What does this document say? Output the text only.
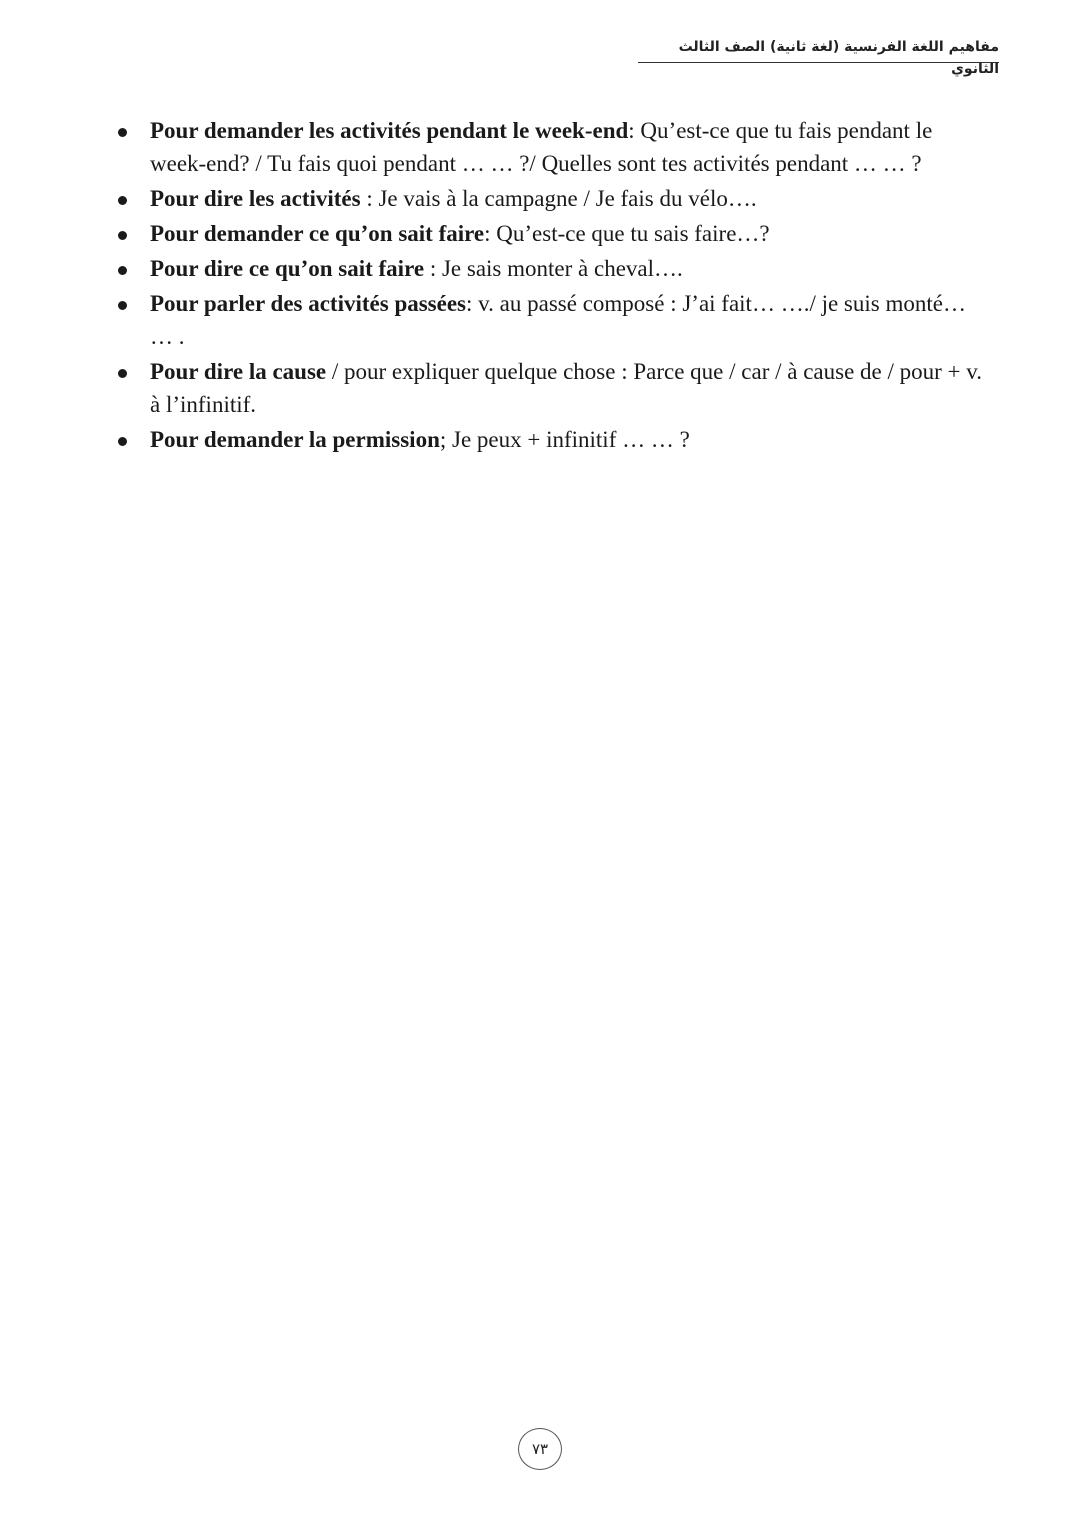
مفاهيم اللغة الفرنسية (لغة ثانية) الصف الثالث الثانوي
Pour demander les activités pendant le week-end: Qu’est-ce que tu fais pendant le week-end? / Tu fais quoi pendant … … ?/ Quelles sont tes activités pendant … … ?
Pour dire les activités : Je vais à la campagne / Je fais du vélo….
Pour demander ce qu’on sait faire: Qu’est-ce que tu sais faire…?
Pour dire ce qu’on sait faire : Je sais monter à cheval….
Pour parler des activités passées: v. au passé composé : J’ai fait… …./ je suis monté… … .
Pour dire la cause / pour expliquer quelque chose : Parce que / car / à cause de / pour + v. à l’infinitif.
Pour demander la permission; Je peux + infinitif … … ?
٧٣
